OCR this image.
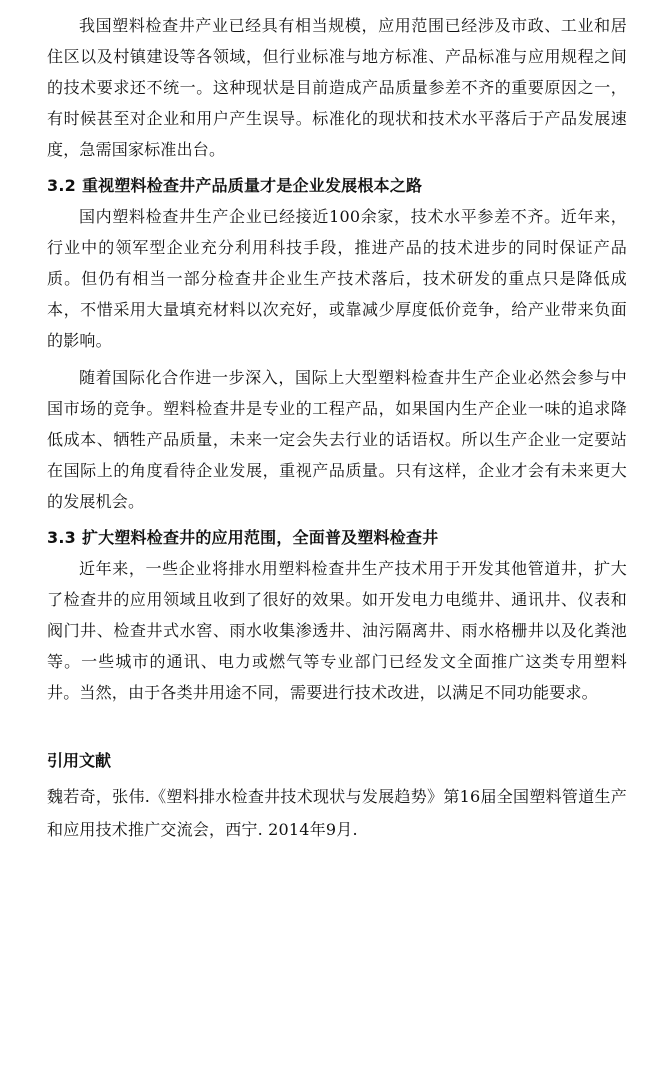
我国塑料检查井产业已经具有相当规模，应用范围已经涉及市政、工业和居住区以及村镇建设等各领域，但行业标准与地方标准、产品标准与应用规程之间的技术要求还不统一。这种现状是目前造成产品质量参差不齐的重要原因之一，有时候甚至对企业和用户产生误导。标准化的现状和技术水平落后于产品发展速度，急需国家标准出台。

3.2 重视塑料检查井产品质量才是企业发展根本之路

国内塑料检查井生产企业已经接近100余家，技术水平参差不齐。近年来，行业中的领军型企业充分利用科技手段，推进产品的技术进步的同时保证产品质。但仍有相当一部分检查井企业生产技术落后，技术研发的重点只是降低成本，不惜采用大量填充材料以次充好，或靠减少厚度低价竞争，给产业带来负面的影响。

随着国际化合作进一步深入，国际上大型塑料检查井生产企业必然会参与中国市场的竞争。塑料检查井是专业的工程产品，如果国内生产企业一味的追求降低成本、牺牲产品质量，未来一定会失去行业的话语权。所以生产企业一定要站在国际上的角度看待企业发展，重视产品质量。只有这样，企业才会有未来更大的发展机会。

3.3 扩大塑料检查井的应用范围，全面普及塑料检查井

近年来，一些企业将排水用塑料检查井生产技术用于开发其他管道井，扩大了检查井的应用领域且收到了很好的效果。如开发电力电缆井、通讯井、仪表和阀门井、检查井式水窖、雨水收集渗透井、油污隔离井、雨水格栅井以及化粪池等。一些城市的通讯、电力或燃气等专业部门已经发文全面推广这类专用塑料井。当然，由于各类井用途不同，需要进行技术改进，以满足不同功能要求。

引用文献

魏若奇，张伟.《塑料排水检查井技术现状与发展趋势》第16届全国塑料管道生产和应用技术推广交流会，西宁. 2014年9月.
